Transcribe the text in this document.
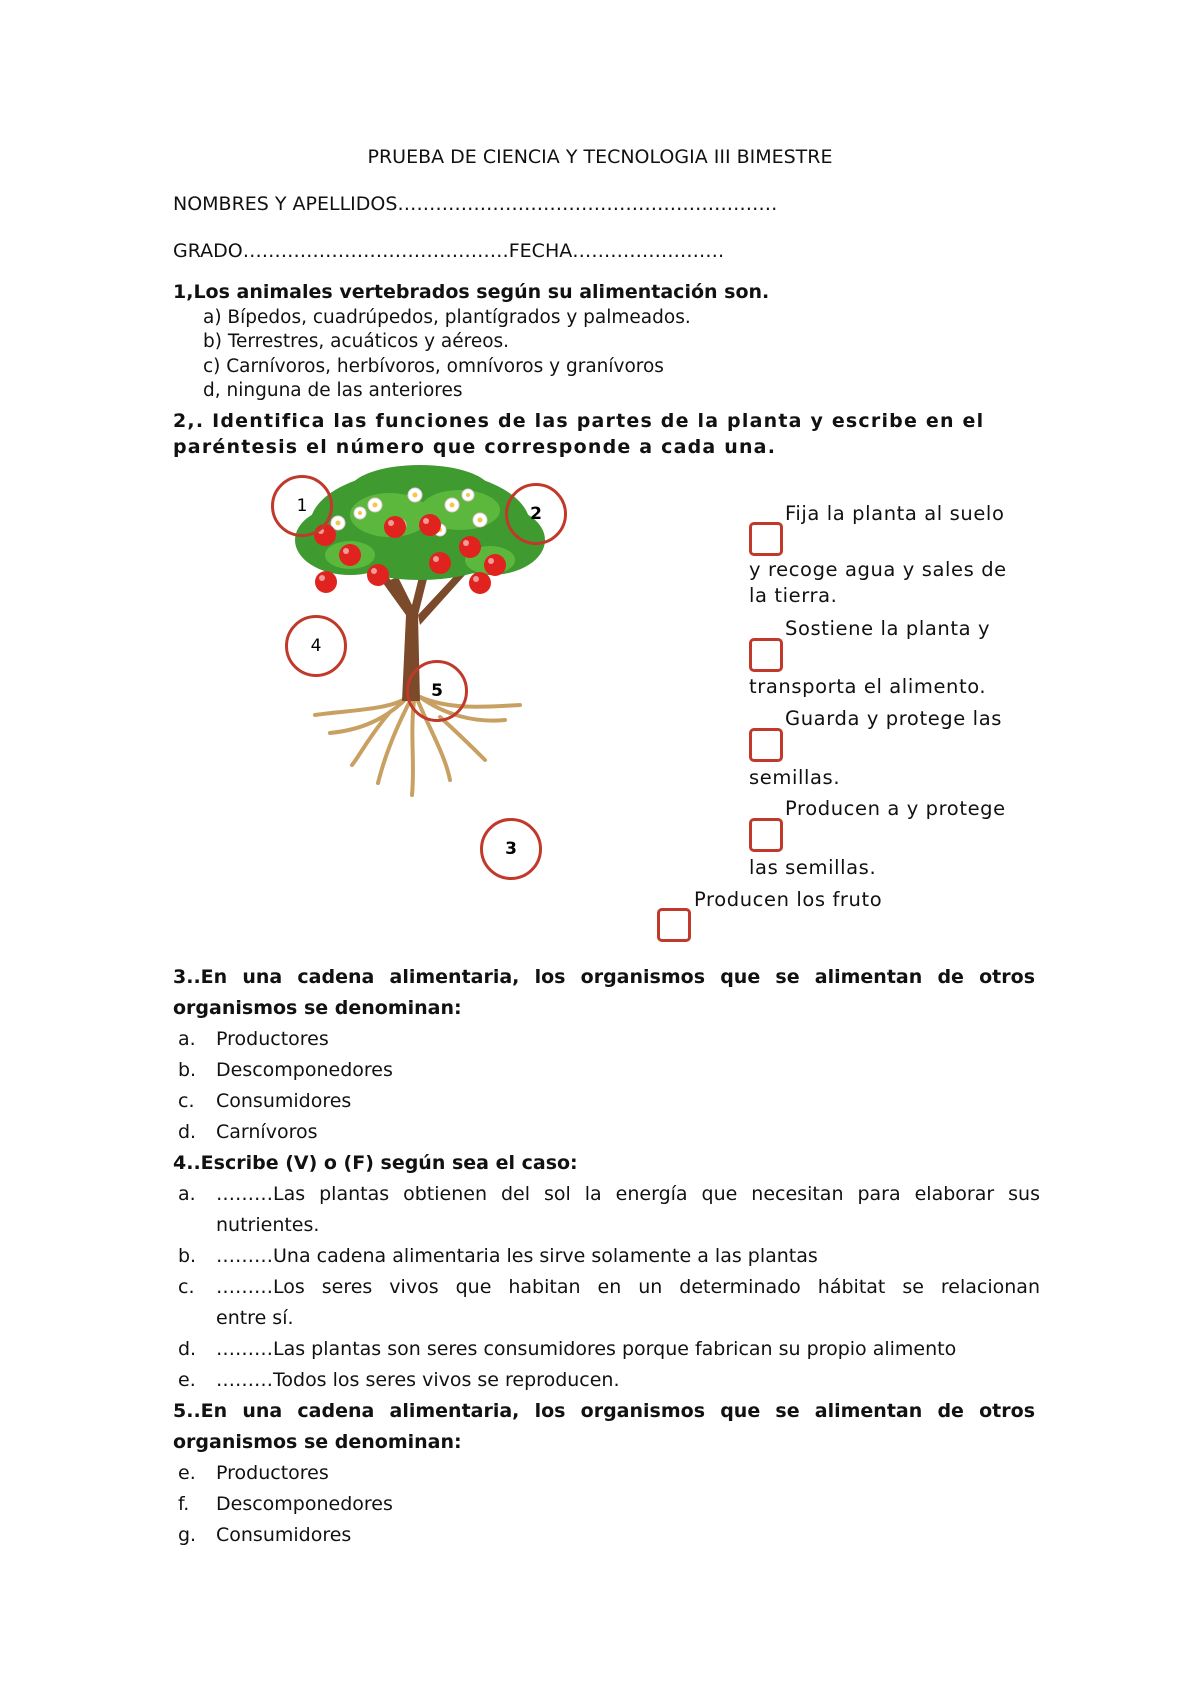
PRUEBA DE CIENCIA Y TECNOLOGIA III BIMESTRE
NOMBRES Y APELLIDOS……………………………………………………
GRADO……………………………………FECHA……………………
1,Los animales vertebrados según su alimentación son.
a) Bípedos, cuadrúpedos, plantígrados y palmeados.
b) Terrestres, acuáticos y aéreos.
c) Carnívoros, herbívoros, omnívoros y granívoros
d, ninguna de las anteriores
2,. Identifica las funciones de las partes de la planta y escribe en el
paréntesis el número que corresponde a cada una.
1	2
3
4
5
Fija la planta al suelo
y recoge agua y sales de
la tierra.
Sostiene la planta y
transporta el alimento.
Guarda y protege las
semillas.
Producen a y protege
las semillas.
Producen los fruto
3..En una cadena alimentaria, los organismos que se alimentan de otros
organismos se denominan:
a. Productores
b. Descomponedores
c. Consumidores
d. Carnívoros
4..Escribe (V) o (F) según sea el caso:
a. ………Las plantas obtienen del sol la energía que necesitan para elaborar sus
nutrientes.
b. ………Una cadena alimentaria les sirve solamente a las plantas
c. ………Los seres vivos que habitan en un determinado hábitat se relacionan
entre sí.
d. ………Las plantas son seres consumidores porque fabrican su propio alimento
e. ………Todos los seres vivos se reproducen.
5..En una cadena alimentaria, los organismos que se alimentan de otros
organismos se denominan:
e. Productores
f. Descomponedores
g. Consumidores
